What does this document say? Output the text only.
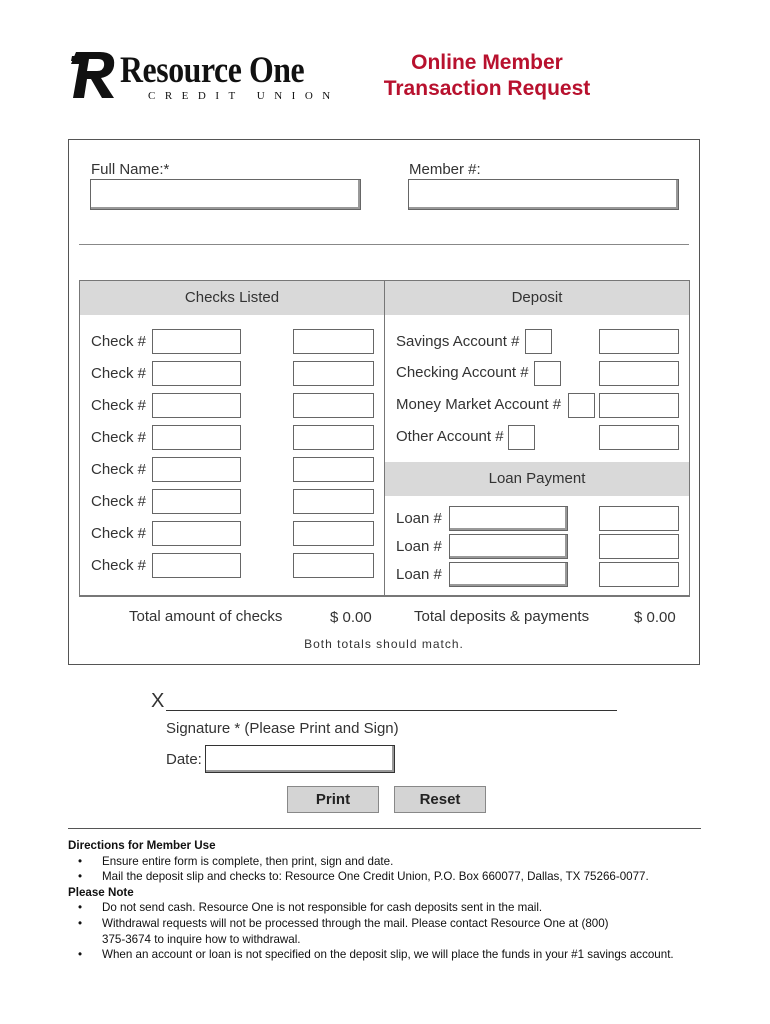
Resource One
CREDIT UNION
Online Member
Transaction Request
Full Name:*	Member #:
Checks Listed	Deposit
Loan Payment
Check #
Check #
Check #
Check #
Check #
Check #
Check #
Check #
Savings Account #
Checking Account #
Money Market Account #
Other Account #
Loan #
Loan #
Loan #
Total amount of checks	$ 0.00	Total deposits & payments	$ 0.00
Both totals should match.
X
Signature * (Please Print and Sign)
Date:
Print	Reset
Directions for Member Use
• Ensure entire form is complete, then print, sign and date.
• Mail the deposit slip and checks to: Resource One Credit Union, P.O. Box 660077, Dallas, TX 75266-0077.
Please Note
• Do not send cash. Resource One is not responsible for cash deposits sent in the mail.
• Withdrawal requests will not be processed through the mail. Please contact Resource One at (800) 375-3674 to inquire how to withdrawal.
• When an account or loan is not specified on the deposit slip, we will place the funds in your #1 savings account.
